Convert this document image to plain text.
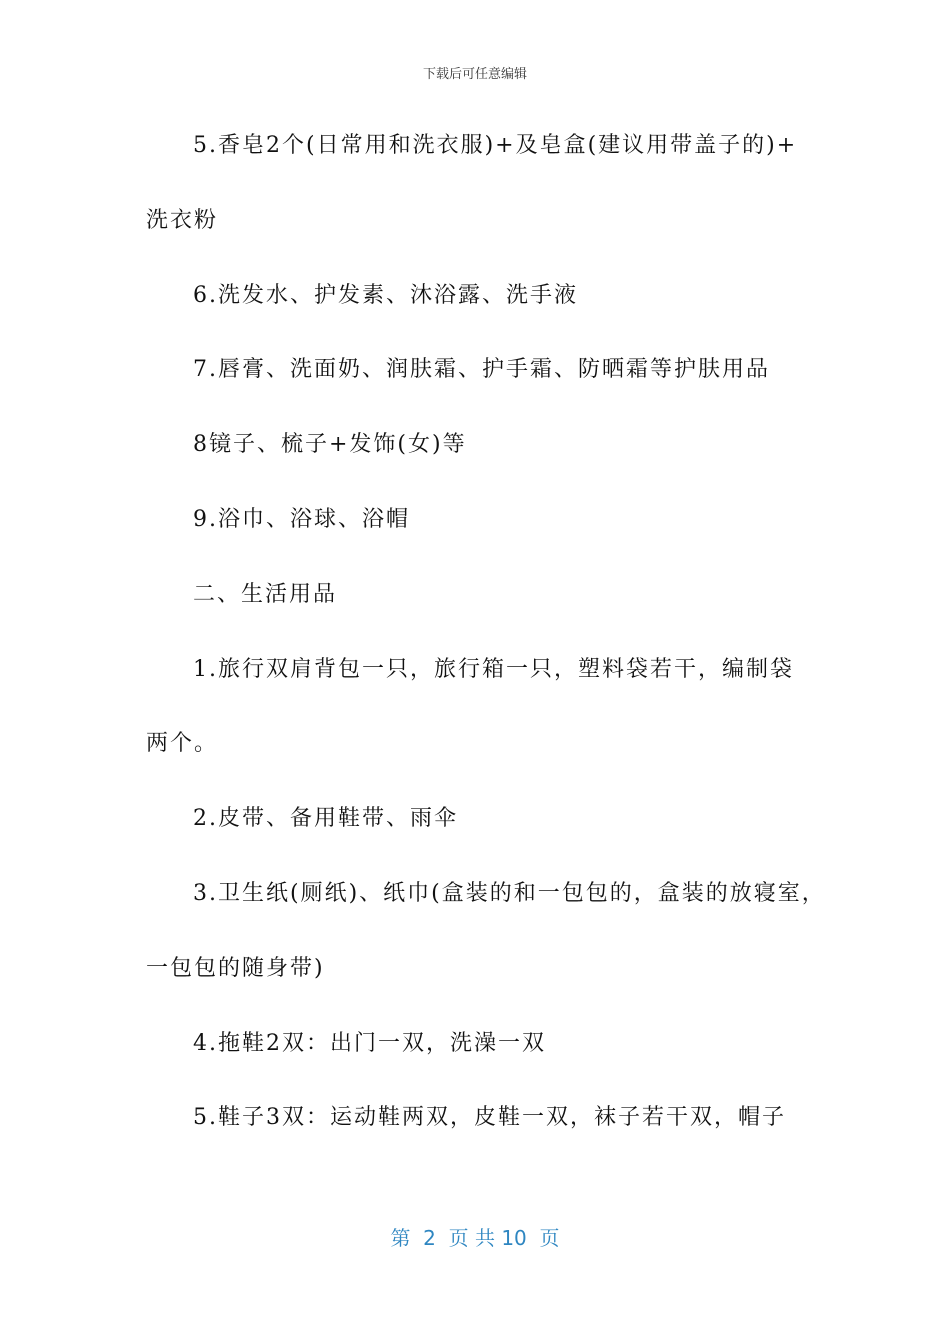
下载后可任意编辑
5.香皂2个(日常用和洗衣服)+及皂盒(建议用带盖子的)+
洗衣粉
6.洗发水、护发素、沐浴露、洗手液
7.唇膏、洗面奶、润肤霜、护手霜、防晒霜等护肤用品
8镜子、梳子+发饰(女)等
9.浴巾、浴球、浴帽
二、生活用品
1.旅行双肩背包一只，旅行箱一只，塑料袋若干，编制袋
两个。
2.皮带、备用鞋带、雨伞
3.卫生纸(厕纸)、纸巾(盒装的和一包包的，盒装的放寝室，
一包包的随身带)
4.拖鞋2双：出门一双，洗澡一双
5.鞋子3双：运动鞋两双，皮鞋一双，袜子若干双，帽子
第  2  页 共 10  页
